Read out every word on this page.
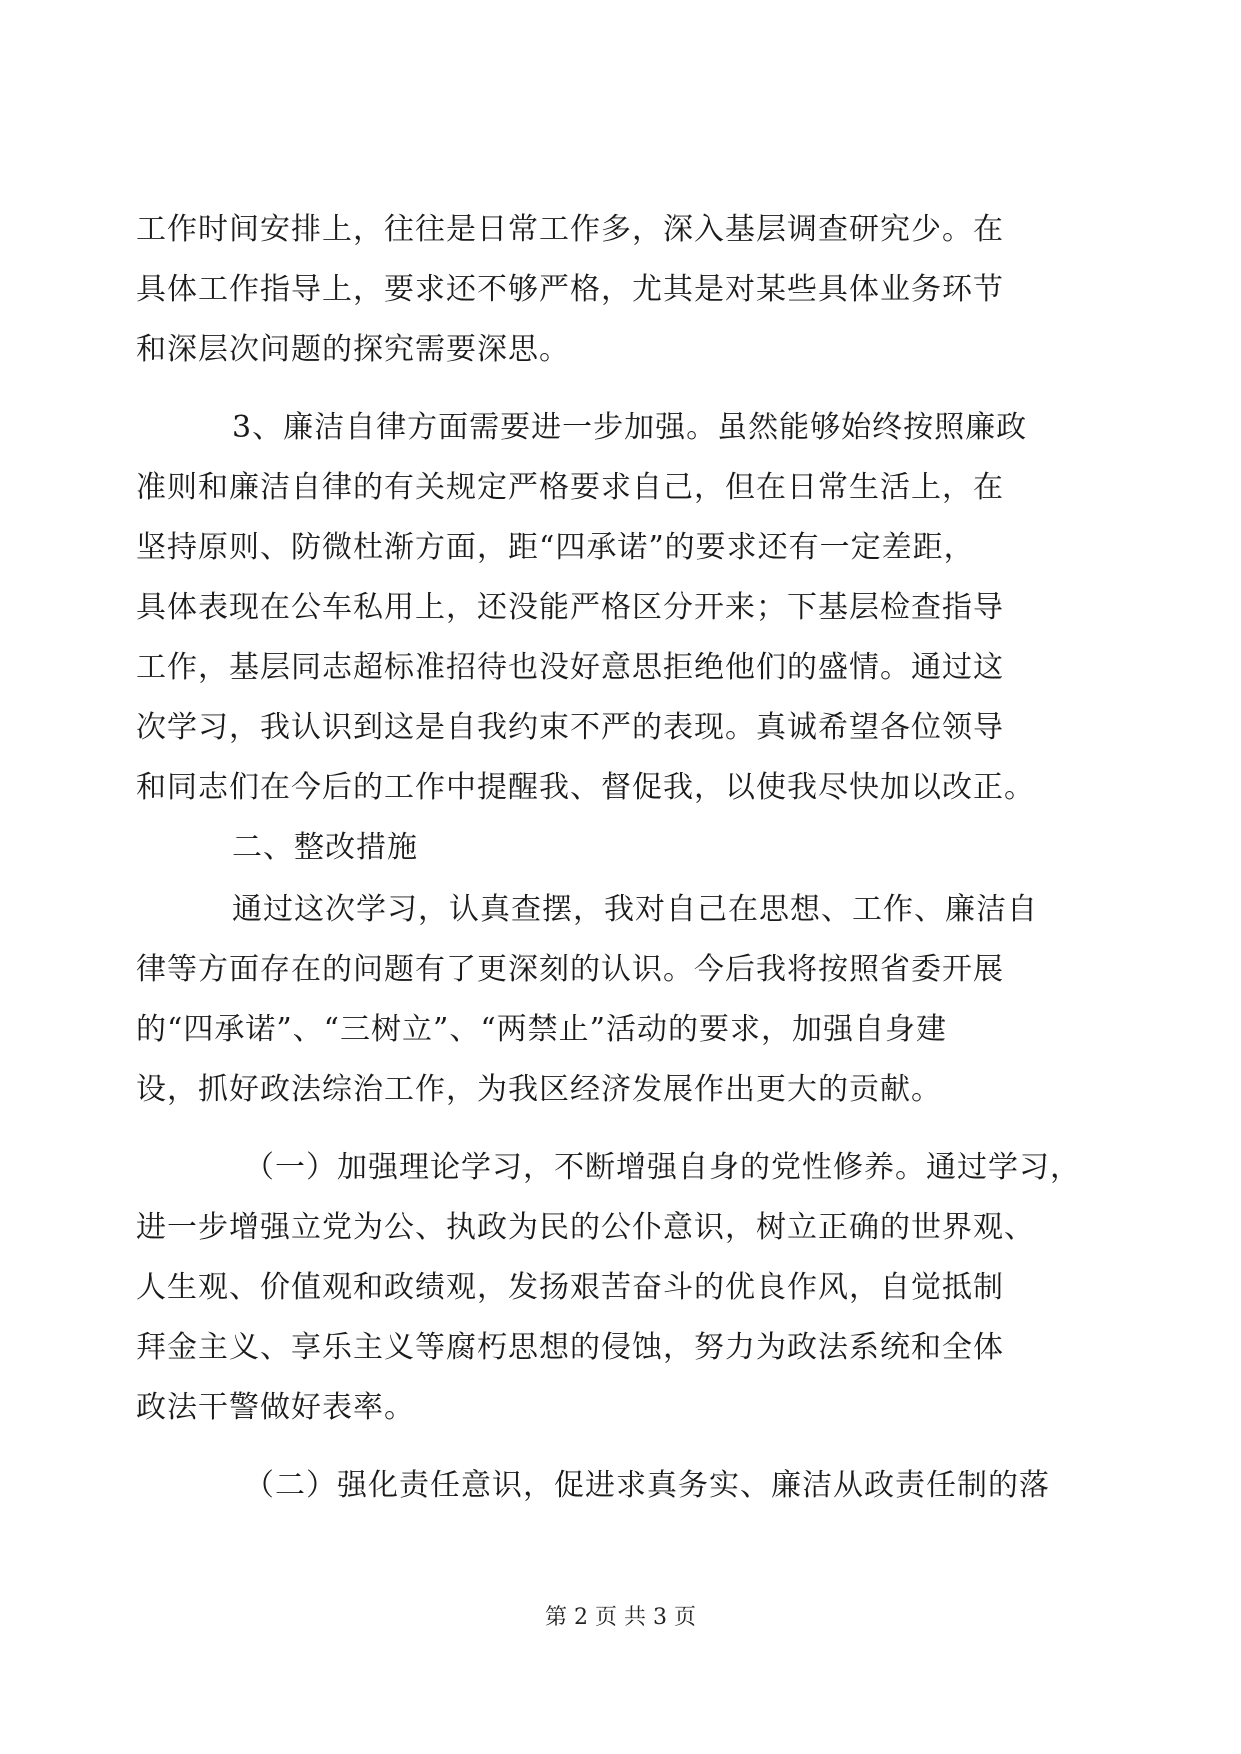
工作时间安排上，往往是日常工作多，深入基层调查研究少。在
具体工作指导上，要求还不够严格，尤其是对某些具体业务环节
和深层次问题的探究需要深思。
3、廉洁自律方面需要进一步加强。虽然能够始终按照廉政
准则和廉洁自律的有关规定严格要求自己，但在日常生活上，在
坚持原则、防微杜渐方面，距“四承诺”的要求还有一定差距，
具体表现在公车私用上，还没能严格区分开来；下基层检查指导
工作，基层同志超标准招待也没好意思拒绝他们的盛情。通过这
次学习，我认识到这是自我约束不严的表现。真诚希望各位领导
和同志们在今后的工作中提醒我、督促我，以使我尽快加以改正。
二、整改措施
通过这次学习，认真查摆，我对自己在思想、工作、廉洁自
律等方面存在的问题有了更深刻的认识。今后我将按照省委开展
的“四承诺”、“三树立”、“两禁止”活动的要求，加强自身建
设，抓好政法综治工作，为我区经济发展作出更大的贡献。
（一）加强理论学习，不断增强自身的党性修养。通过学习，
进一步增强立党为公、执政为民的公仆意识，树立正确的世界观、
人生观、价值观和政绩观，发扬艰苦奋斗的优良作风，自觉抵制
拜金主义、享乐主义等腐朽思想的侵蚀，努力为政法系统和全体
政法干警做好表率。
（二）强化责任意识，促进求真务实、廉洁从政责任制的落
第 2 页 共 3 页
